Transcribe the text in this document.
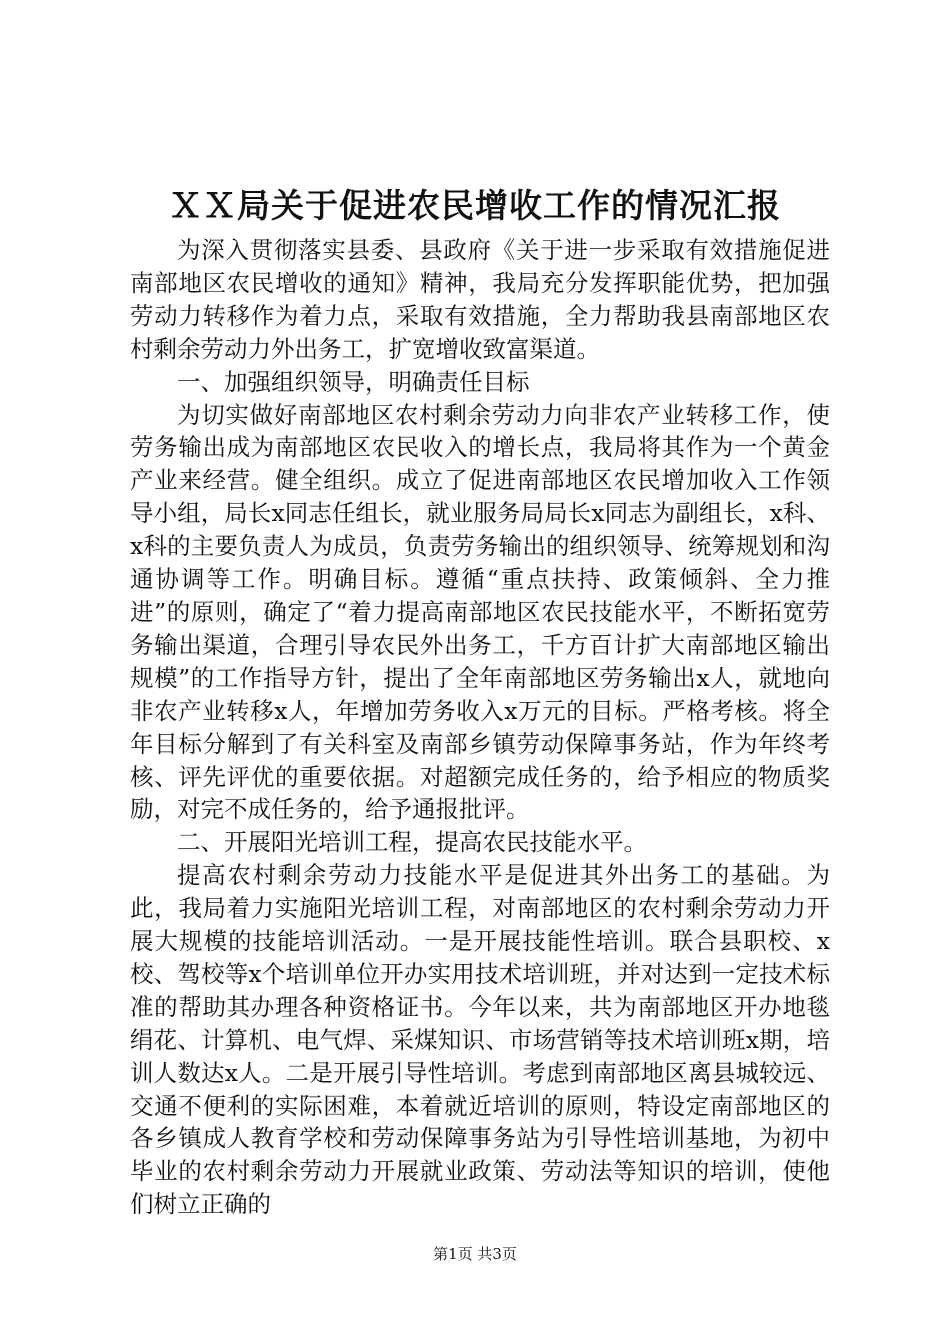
ＸＸ局关于促进农民增收工作的情况汇报

为深入贯彻落实县委、县政府《关于进一步采取有效措施促进南部地区农民增收的通知》精神，我局充分发挥职能优势，把加强劳动力转移作为着力点，采取有效措施，全力帮助我县南部地区农村剩余劳动力外出务工，扩宽增收致富渠道。

一、加强组织领导，明确责任目标

为切实做好南部地区农村剩余劳动力向非农产业转移工作，使劳务输出成为南部地区农民收入的增长点，我局将其作为一个黄金产业来经营。健全组织。成立了促进南部地区农民增加收入工作领导小组，局长x同志任组长，就业服务局局长x同志为副组长，x科、x科的主要负责人为成员，负责劳务输出的组织领导、统筹规划和沟通协调等工作。明确目标。遵循“重点扶持、政策倾斜、全力推进”的原则，确定了“着力提高南部地区农民技能水平，不断拓宽劳务输出渠道，合理引导农民外出务工，千方百计扩大南部地区输出规模”的工作指导方针，提出了全年南部地区劳务输出x人，就地向非农产业转移x人，年增加劳务收入x万元的目标。严格考核。将全年目标分解到了有关科室及南部乡镇劳动保障事务站，作为年终考核、评先评优的重要依据。对超额完成任务的，给予相应的物质奖励，对完不成任务的，给予通报批评。

二、开展阳光培训工程，提高农民技能水平。

提高农村剩余劳动力技能水平是促进其外出务工的基础。为此，我局着力实施阳光培训工程，对南部地区的农村剩余劳动力开展大规模的技能培训活动。一是开展技能性培训。联合县职校、x校、驾校等x个培训单位开办实用技术培训班，并对达到一定技术标准的帮助其办理各种资格证书。今年以来，共为南部地区开办地毯绢花、计算机、电气焊、采煤知识、市场营销等技术培训班x期，培训人数达x人。二是开展引导性培训。考虑到南部地区离县城较远、交通不便利的实际困难，本着就近培训的原则，特设定南部地区的各乡镇成人教育学校和劳动保障事务站为引导性培训基地，为初中毕业的农村剩余劳动力开展就业政策、劳动法等知识的培训，使他们树立正确的

第1页 共3页
